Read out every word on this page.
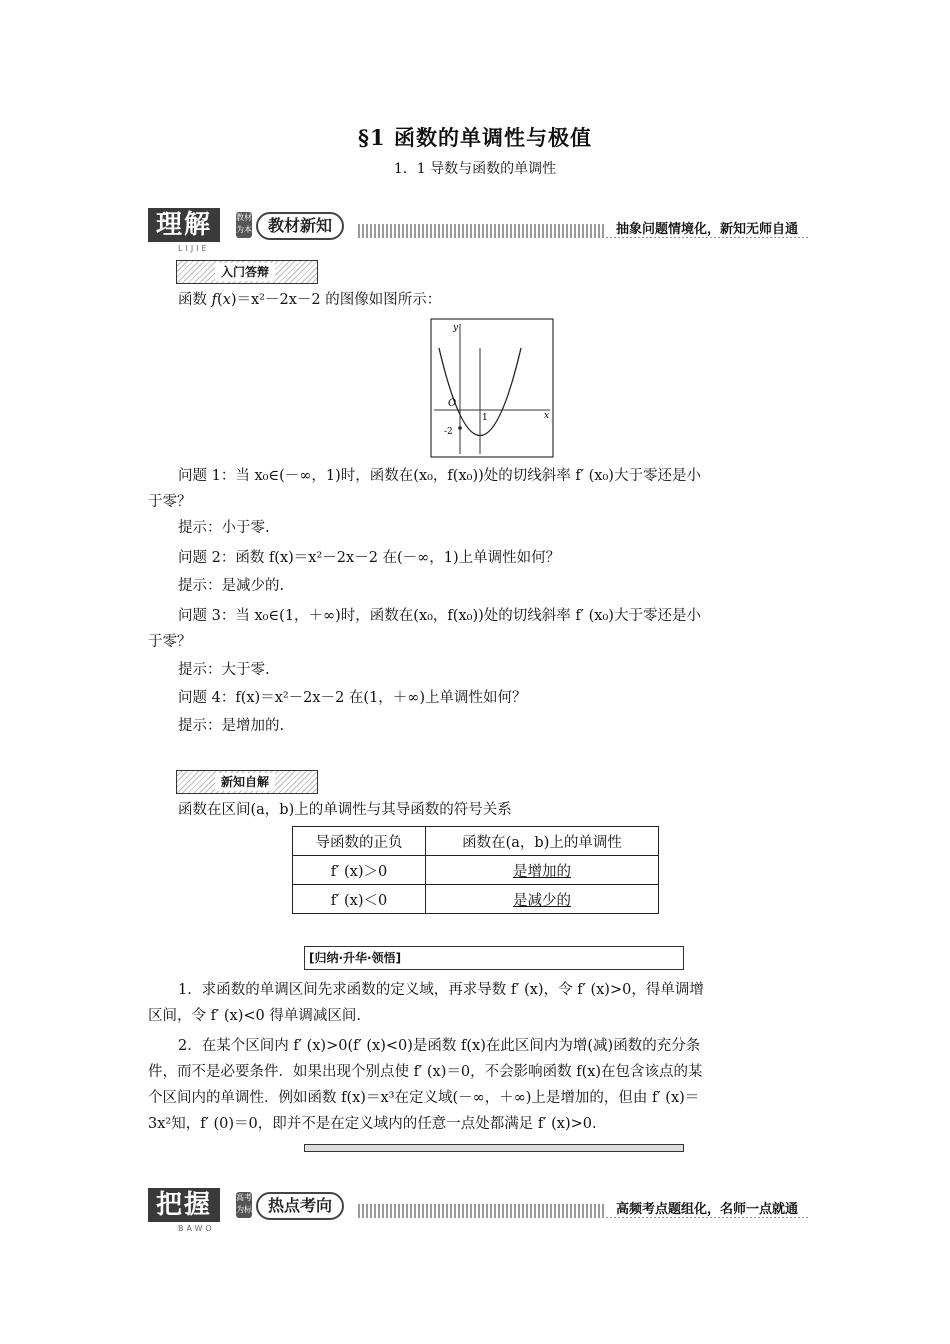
§1 函数的单调性与极值
1．1 导数与函数的单调性
理解
LIJIE
教材为本	教材新知	抽象问题情境化，新知无师自通
入门答辩
函数 f(x)＝x²－2x－2 的图像如图所示：
y
x
O
1
-2
问题 1：当 x₀∈(－∞，1)时，函数在(x₀，f(x₀))处的切线斜率 f′ (x₀)大于零还是小
于零？
提示：小于零.
问题 2：函数 f(x)＝x²－2x－2 在(－∞，1)上单调性如何？
提示：是减少的.
问题 3：当 x₀∈(1，＋∞)时，函数在(x₀，f(x₀))处的切线斜率 f′ (x₀)大于零还是小
于零？
提示：大于零.
问题 4：f(x)＝x²－2x－2 在(1，＋∞)上单调性如何？
提示：是增加的.
新知自解
函数在区间(a，b)上的单调性与其导函数的符号关系
导函数的正负	函数在(a，b)上的单调性
f′ (x)＞0	是增加的
f′ (x)＜0	是减少的
[归纳·升华·领悟]
1．求函数的单调区间先求函数的定义域，再求导数 f′ (x)，令 f′ (x)>0，得单调增
区间，令 f′ (x)<0 得单调减区间.
2．在某个区间内 f′ (x)>0(f′ (x)<0)是函数 f(x)在此区间内为增(减)函数的充分条
件，而不是必要条件．如果出现个别点使 f′ (x)＝0，不会影响函数 f(x)在包含该点的某
个区间内的单调性．例如函数 f(x)＝x³在定义域(－∞，＋∞)上是增加的，但由 f′ (x)＝
3x²知，f′ (0)＝0，即并不是在定义域内的任意一点处都满足 f′ (x)>0.
把握
BAWO
高考为标	热点考向	高频考点题组化，名师一点就通
